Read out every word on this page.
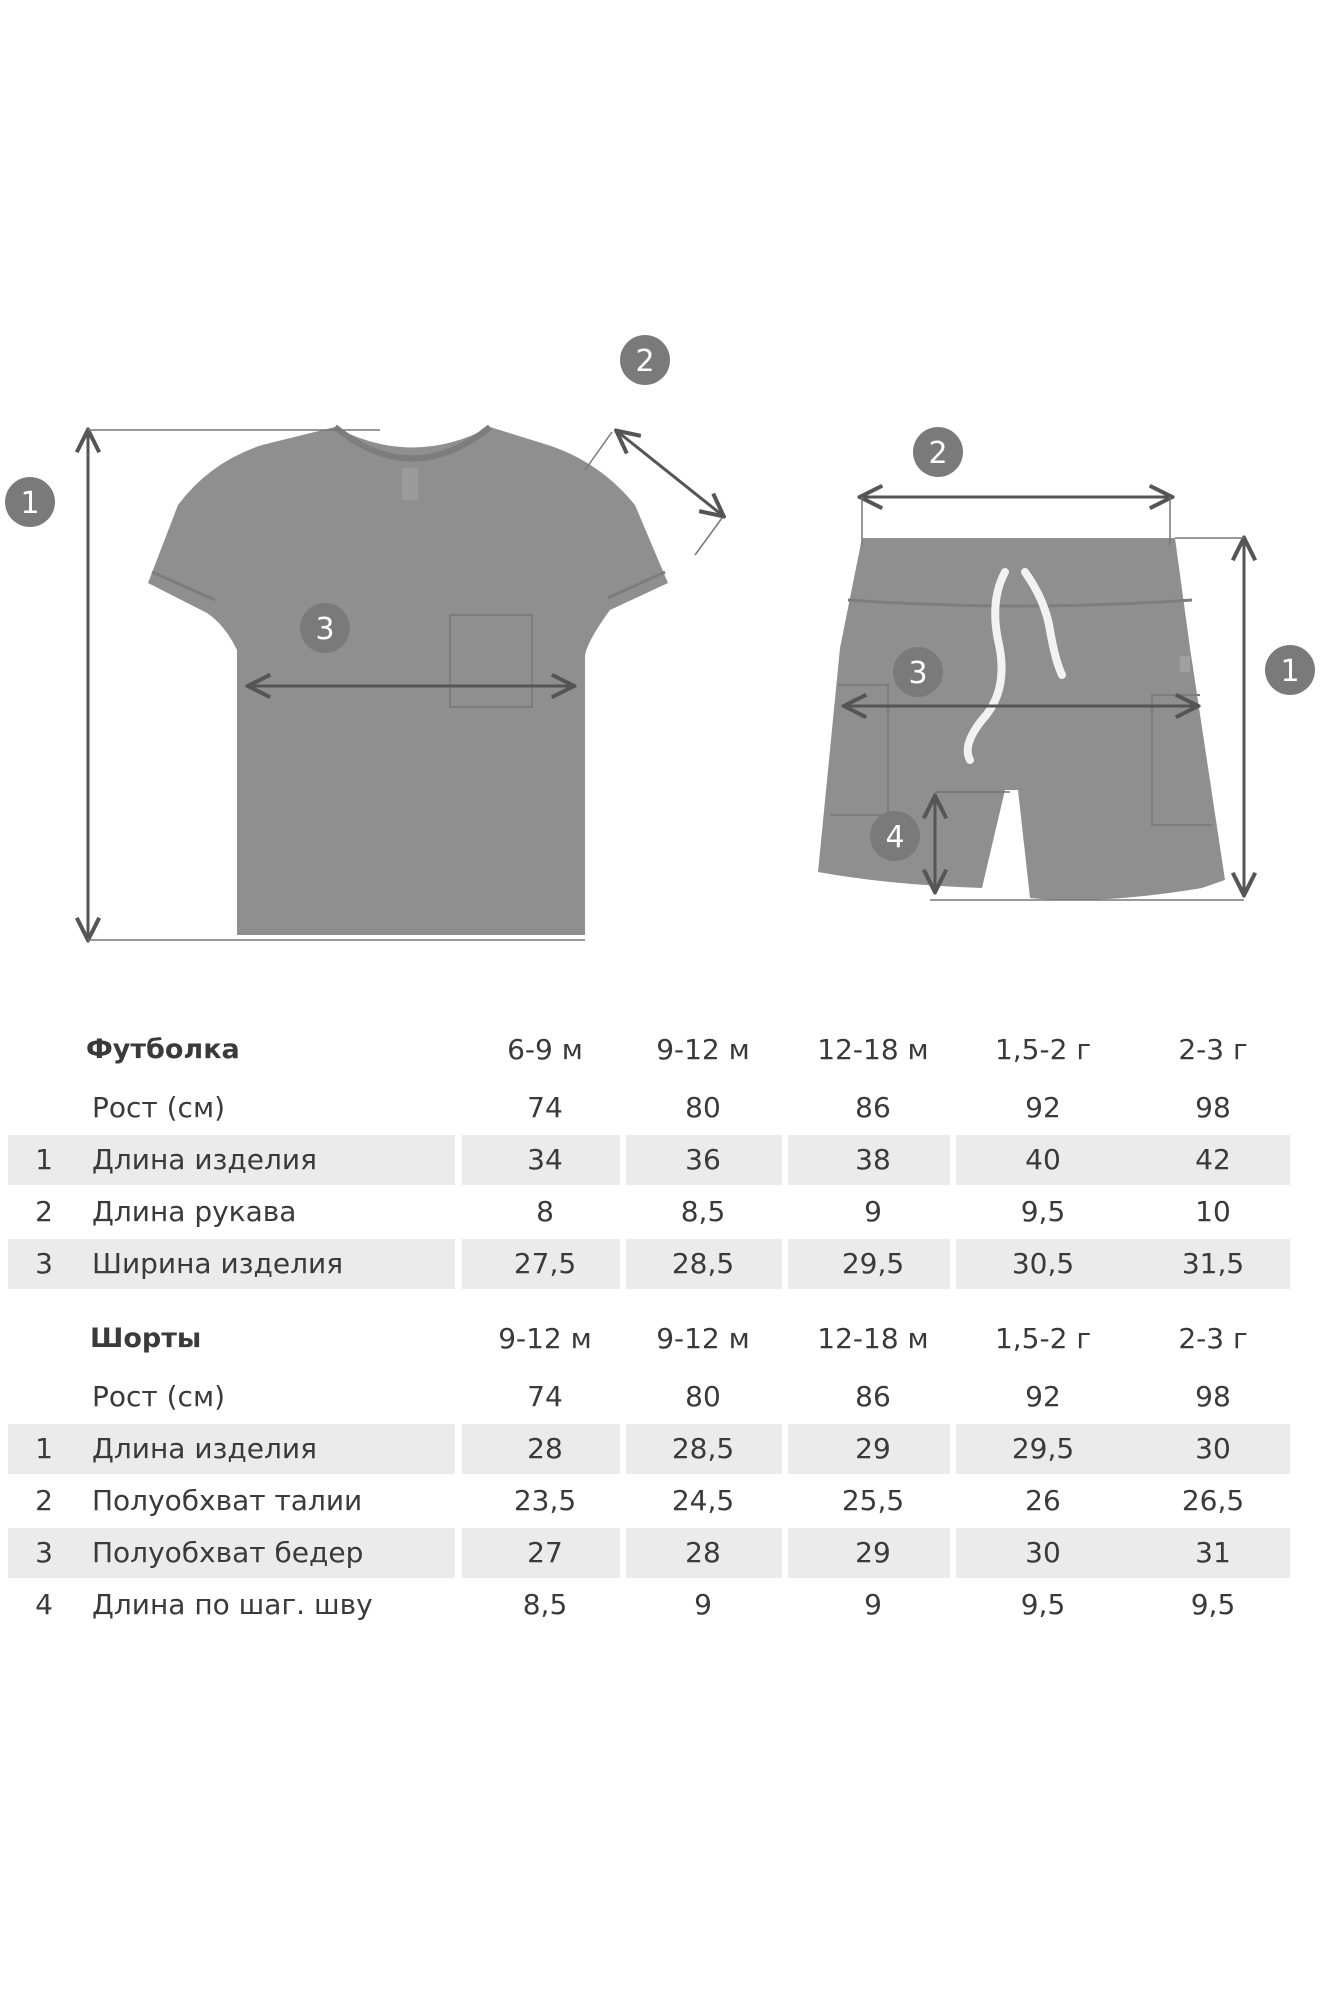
1
2
3
2
3	1
4
Футболка	6-9 м	9-12 м	12-18 м	1,5-2 г	2-3 г
Рост (см)	74	80	86	92	98
1	Длина изделия	34	36	38	40	42
2	Длина рукава	8	8,5	9	9,5	10
3	Ширина изделия	27,5	28,5	29,5	30,5	31,5
Шорты	9-12 м	9-12 м	12-18 м	1,5-2 г	2-3 г
Рост (см)	74	80	86	92	98
1	Длина изделия	28	28,5	29	29,5	30
2	Полуобхват талии	23,5	24,5	25,5	26	26,5
3	Полуобхват бедер	27	28	29	30	31
4	Длина по шаг. шву	8,5	9	9	9,5	9,5
